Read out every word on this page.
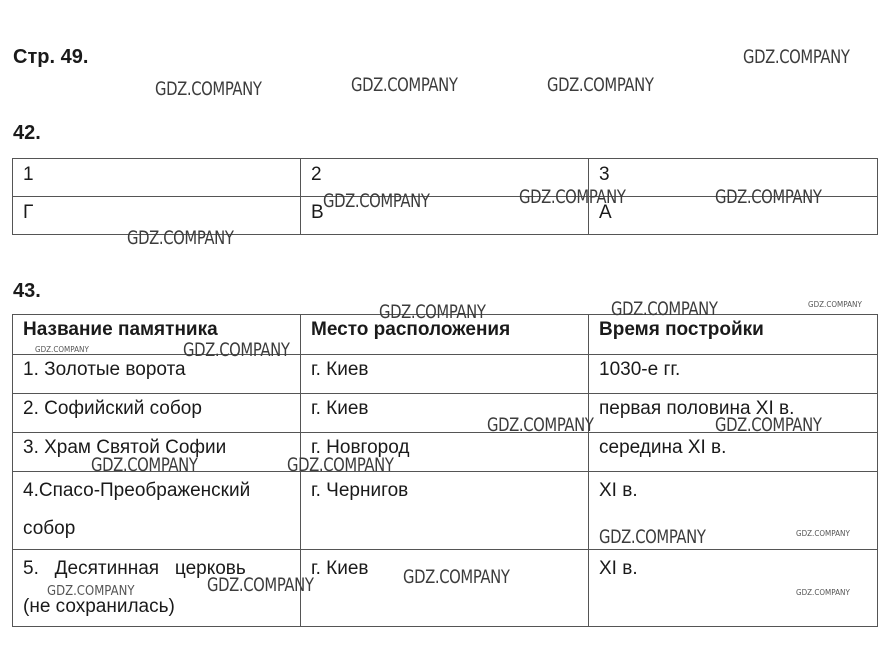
Стр. 49.
42.
1	2	3
Г	В	А
43.
Название памятника	Место расположения	Время постройки
1. Золотые ворота	г. Киев	1030-е гг.
2. Софийский собор	г. Киев	первая половина XI в.
3. Храм Святой Софии	г. Новгород	середина XI в.

4.Спасо-Преображенский
собор	г. Чернигов	XI в.

5.   Десятинная   церковь
(не сохранилась)	г. Киев	XI в.
GDZ.COMPANY
GDZ.COMPANY	GDZ.COMPANY	GDZ.COMPANY
GDZ.COMPANY	GDZ.COMPANY	GDZ.COMPANY
GDZ.COMPANY
GDZ.COMPANY	GDZ.COMPANY	GDZ.COMPANY
GDZ.COMPANY	GDZ.COMPANY
GDZ.COMPANY	GDZ.COMPANY
GDZ.COMPANY	GDZ.COMPANY
GDZ.COMPANY	GDZ.COMPANY
GDZ.COMPANY
GDZ.COMPANY
GDZ.COMPANY	GDZ.COMPANY
